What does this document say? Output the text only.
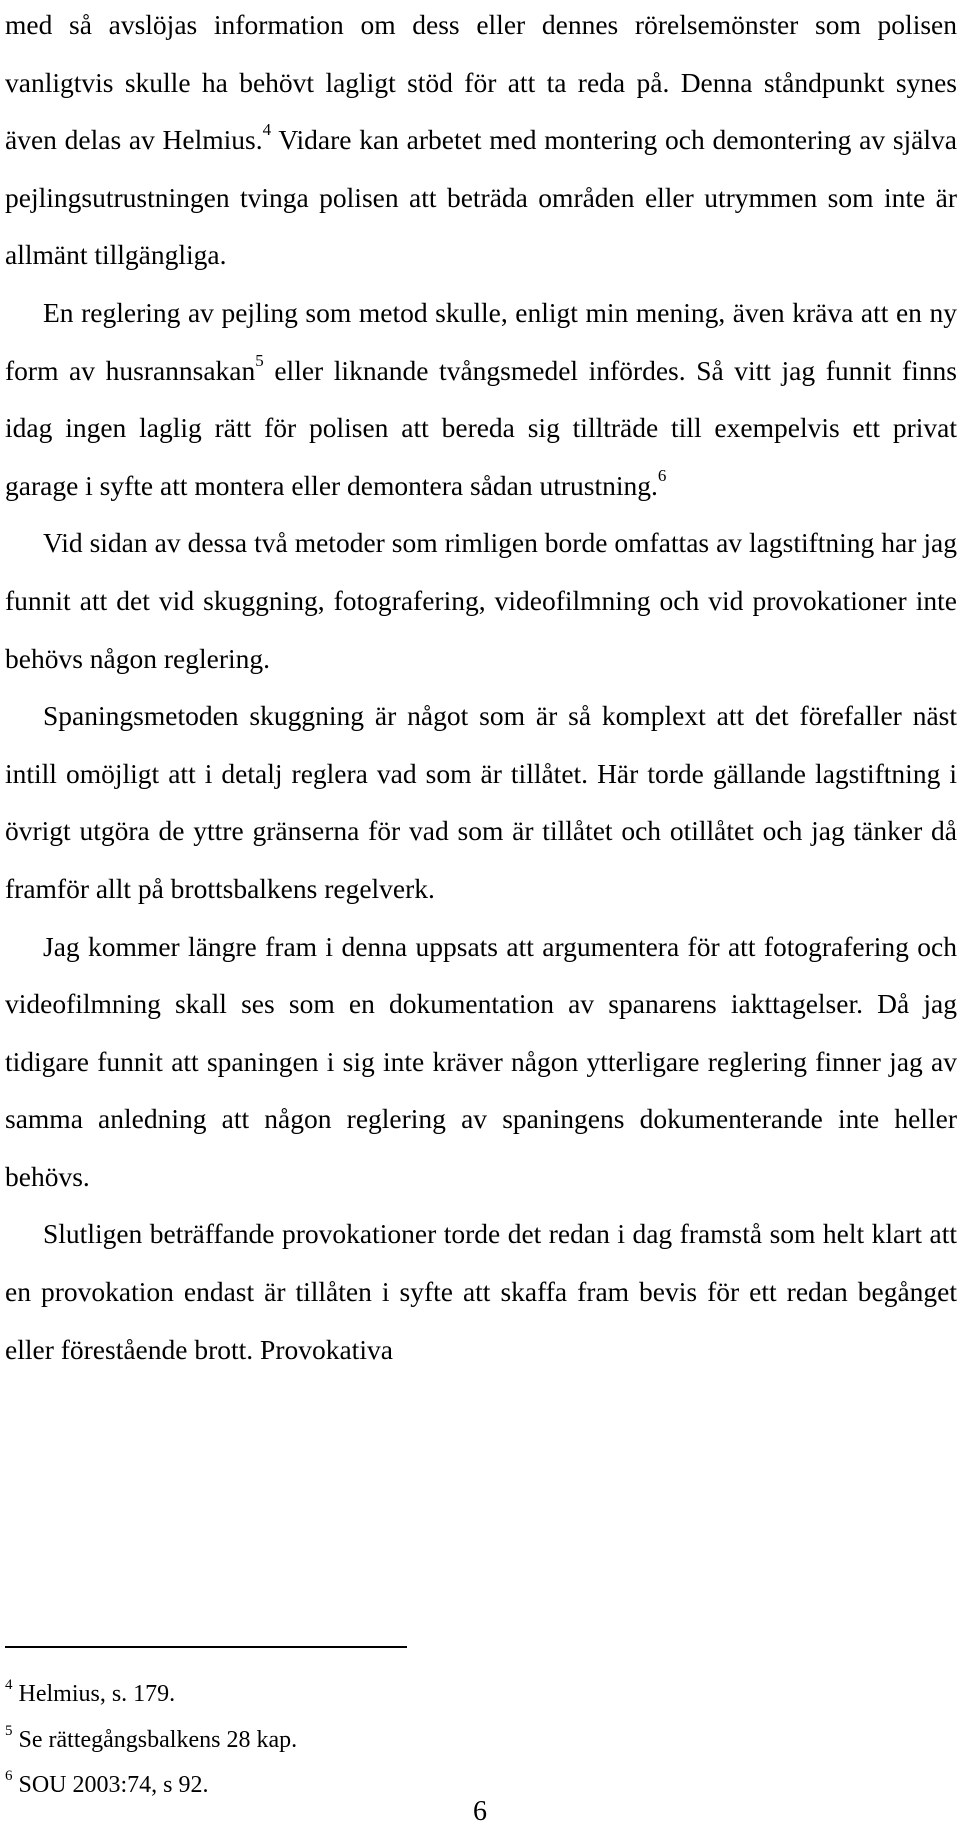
med så avslöjas information om dess eller dennes rörelsemönster som polisen vanligtvis skulle ha behövt lagligt stöd för att ta reda på. Denna ståndpunkt synes även delas av Helmius.$^4$ Vidare kan arbetet med montering och demontering av själva pejlingsutrustningen tvinga polisen att beträda områden eller utrymmen som inte är allmänt tillgängliga.

En reglering av pejling som metod skulle, enligt min mening, även kräva att en ny form av husrannsakan$^5$ eller liknande tvångsmedel infördes. Så vitt jag funnit finns idag ingen laglig rätt för polisen att bereda sig tillträde till exempelvis ett privat garage i syfte att montera eller demontera sådan utrustning.$^6$

Vid sidan av dessa två metoder som rimligen borde omfattas av lagstiftning har jag funnit att det vid skuggning, fotografering, videofilmning och vid provokationer inte behövs någon reglering.

Spaningsmetoden skuggning är något som är så komplext att det förefaller näst intill omöjligt att i detalj reglera vad som är tillåtet. Här torde gällande lagstiftning i övrigt utgöra de yttre gränserna för vad som är tillåtet och otillåtet och jag tänker då framför allt på brottsbalkens regelverk.

Jag kommer längre fram i denna uppsats att argumentera för att fotografering och videofilmning skall ses som en dokumentation av spanarens iakttagelser. Då jag tidigare funnit att spaningen i sig inte kräver någon ytterligare reglering finner jag av samma anledning att någon reglering av spaningens dokumenterande inte heller behövs.

Slutligen beträffande provokationer torde det redan i dag framstå som helt klart att en provokation endast är tillåten i syfte att skaffa fram bevis för ett redan begånget eller förestående brott. Provokativa

$^4$ Helmius, s. 179.

$^5$ Se rättegångsbalkens 28 kap.

$^6$ SOU 2003:74, s 92.

6
